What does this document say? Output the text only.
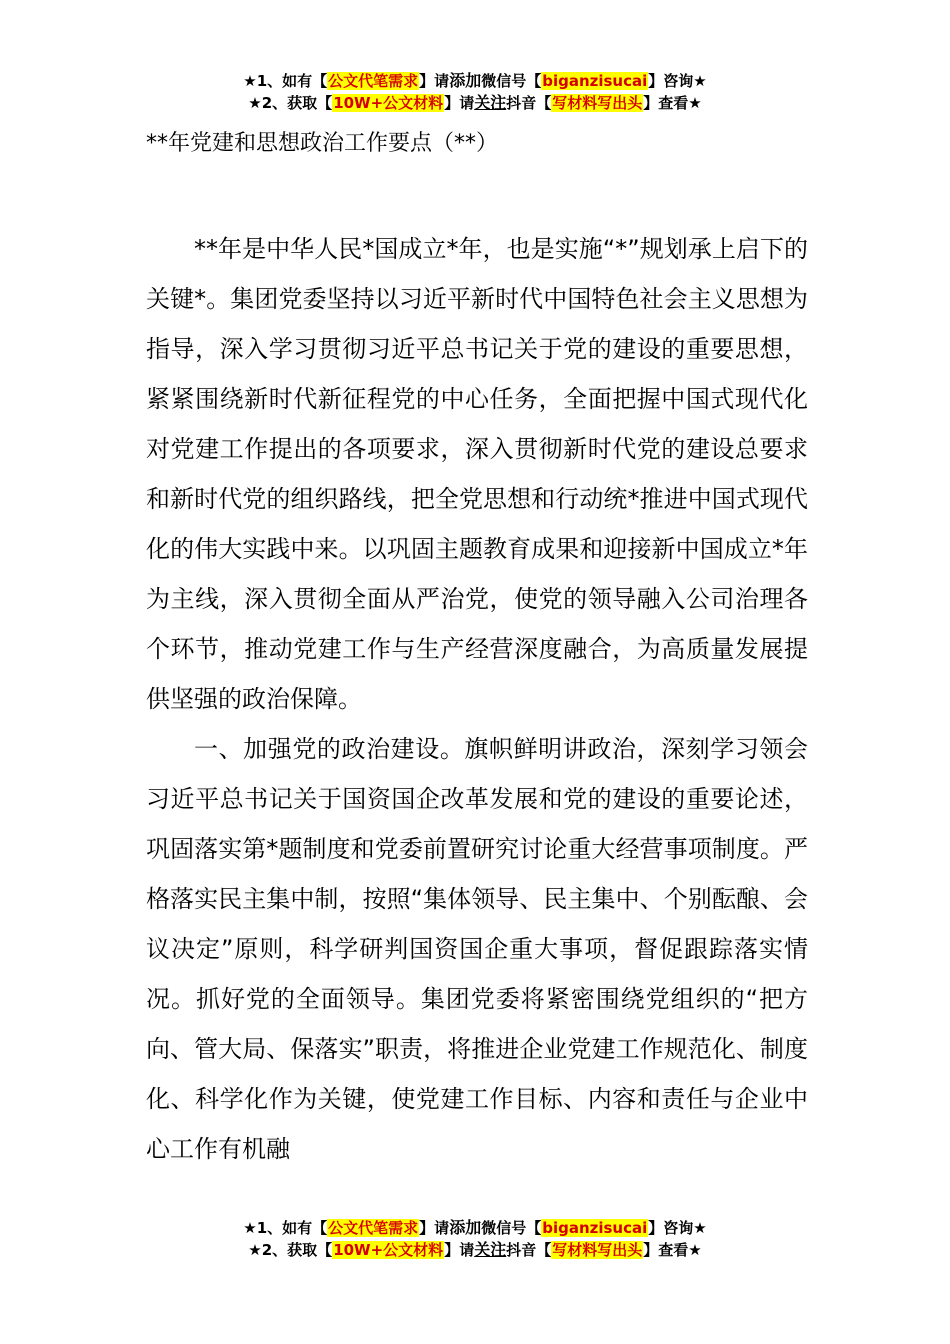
★1、如有【公文代笔需求】请添加微信号【biganzisucai】咨询★
★2、获取【10W+公文材料】请关注抖音【写材料写出头】查看★
**年党建和思想政治工作要点（**）

**年是中华人民*国成立*年，也是实施“*”规划承上启下的关键*。集团党委坚持以习近平新时代中国特色社会主义思想为指导，深入学习贯彻习近平总书记关于党的建设的重要思想，紧紧围绕新时代新征程党的中心任务，全面把握中国式现代化对党建工作提出的各项要求，深入贯彻新时代党的建设总要求和新时代党的组织路线，把全党思想和行动统*推进中国式现代化的伟大实践中来。以巩固主题教育成果和迎接新中国成立*年为主线，深入贯彻全面从严治党，使党的领导融入公司治理各个环节，推动党建工作与生产经营深度融合，为高质量发展提供坚强的政治保障。

一、加强党的政治建设。旗帜鲜明讲政治，深刻学习领会习近平总书记关于国资国企改革发展和党的建设的重要论述，巩固落实第*题制度和党委前置研究讨论重大经营事项制度。严格落实民主集中制，按照“集体领导、民主集中、个别酝酿、会议决定”原则，科学研判国资国企重大事项，督促跟踪落实情况。抓好党的全面领导。集团党委将紧密围绕党组织的“把方向、管大局、保落实”职责，将推进企业党建工作规范化、制度化、科学化作为关键，使党建工作目标、内容和责任与企业中心工作有机融

★1、如有【公文代笔需求】请添加微信号【biganzisucai】咨询★
★2、获取【10W+公文材料】请关注抖音【写材料写出头】查看★
